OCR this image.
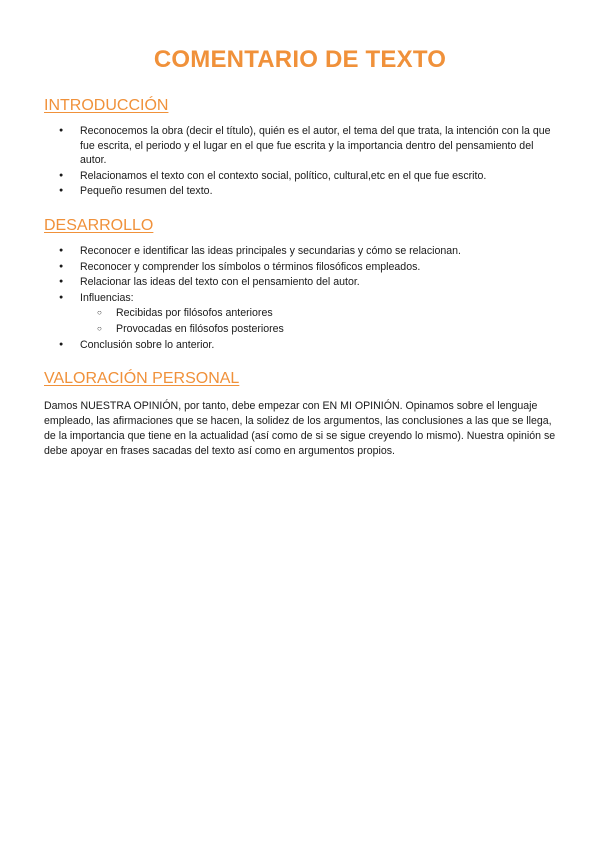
COMENTARIO DE TEXTO
INTRODUCCIÓN
● Reconocemos la obra (decir el título), quién es el autor, el tema del que trata, la intención con la que fue escrita, el periodo y el lugar en el que fue escrita y la importancia dentro del pensamiento del autor.
● Relacionamos el texto con el contexto social, político, cultural,etc en el que fue escrito.
● Pequeño resumen del texto.
DESARROLLO
● Reconocer e identificar las ideas principales y secundarias y cómo se relacionan.
● Reconocer y comprender los símbolos o términos filosóficos empleados.
● Relacionar las ideas del texto con el pensamiento del autor.
● Influencias:
○ Recibidas por filósofos anteriores
○ Provocadas en filósofos posteriores
● Conclusión sobre lo anterior.
VALORACIÓN PERSONAL

Damos NUESTRA OPINIÓN, por tanto, debe empezar con EN MI OPINIÓN. Opinamos sobre el lenguaje empleado, las afirmaciones que se hacen, la solidez de los argumentos, las conclusiones a las que se llega, de la importancia que tiene en la actualidad (así como de si se sigue creyendo lo mismo). Nuestra opinión se debe apoyar en frases sacadas del texto así como en argumentos propios.
